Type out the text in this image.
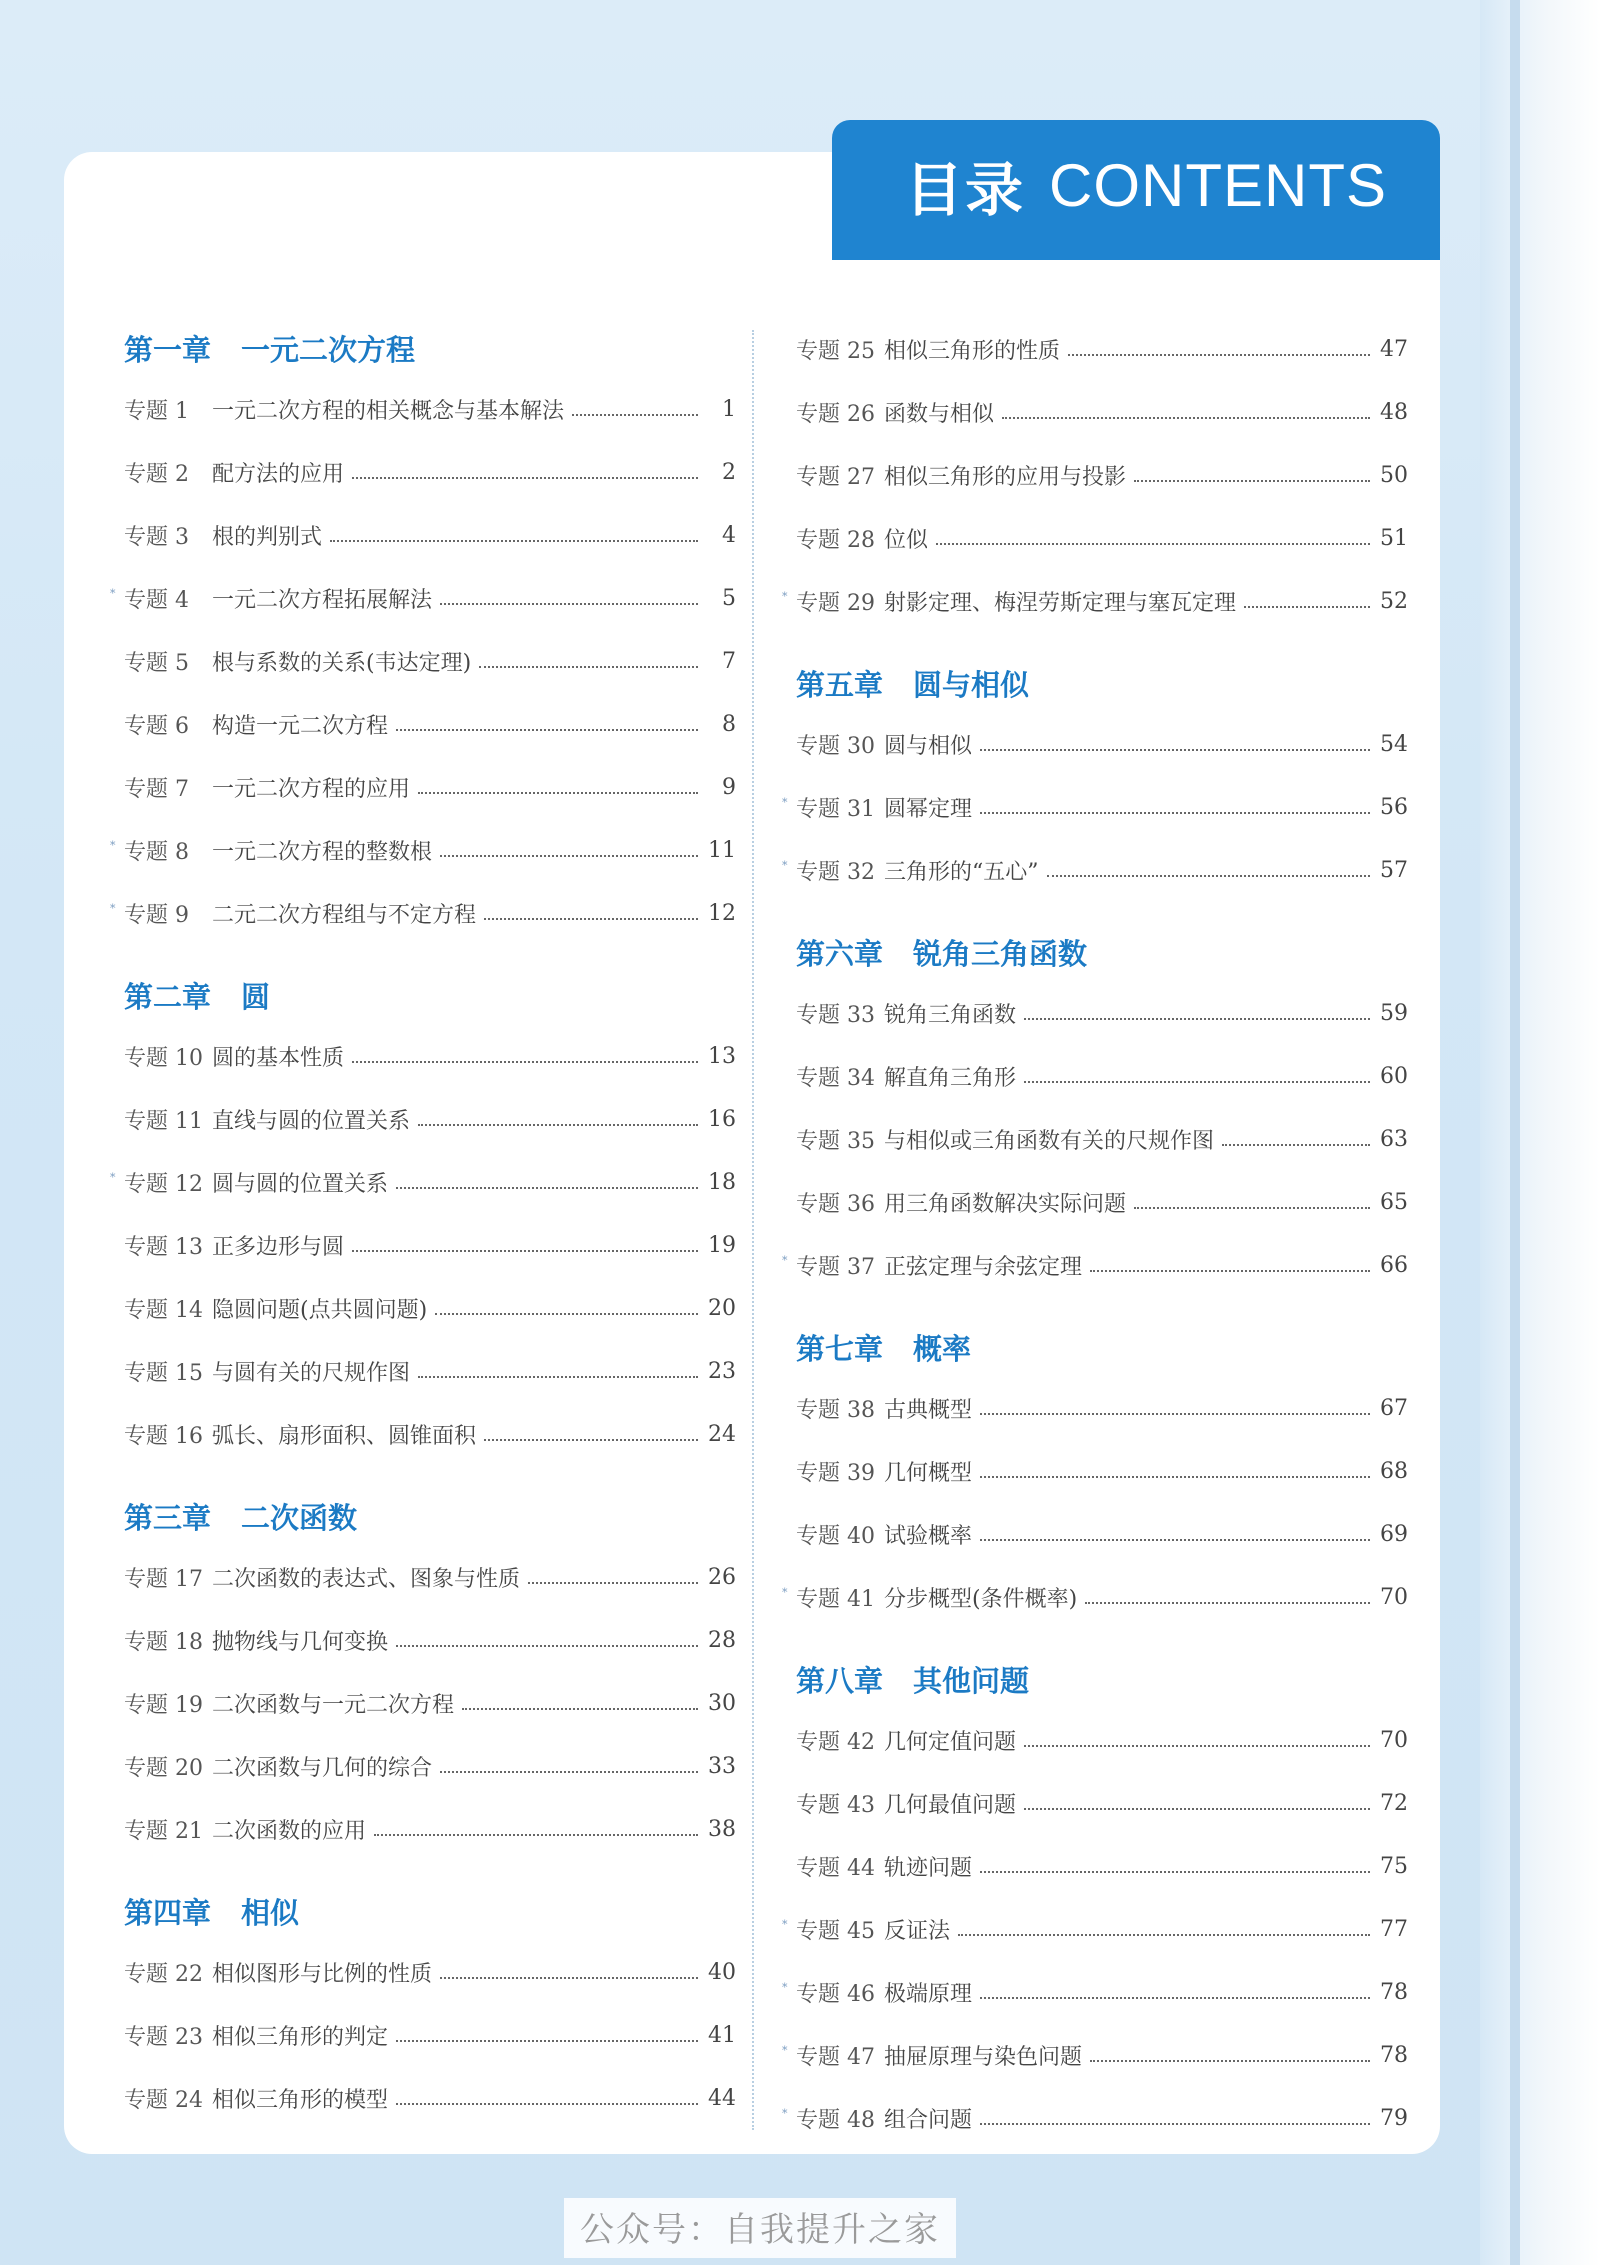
目录 CONTENTS
第一章 一元二次方程
专题 1	一元二次方程的相关概念与基本解法	1
专题 2	配方法的应用	2
专题 3	根的判别式	4
* 专题 4	一元二次方程拓展解法	5
专题 5	根与系数的关系(韦达定理)	7
专题 6	构造一元二次方程	8
专题 7	一元二次方程的应用	9
* 专题 8	一元二次方程的整数根	11
* 专题 9	二元二次方程组与不定方程	12
第二章 圆
专题 10 圆的基本性质	13
专题 11 直线与圆的位置关系	16
* 专题 12 圆与圆的位置关系	18
专题 13 正多边形与圆	19
专题 14 隐圆问题(点共圆问题)	20
专题 15 与圆有关的尺规作图	23
专题 16 弧长、扇形面积、圆锥面积	24
第三章 二次函数
专题 17 二次函数的表达式、图象与性质	26
专题 18 抛物线与几何变换	28
专题 19 二次函数与一元二次方程	30
专题 20 二次函数与几何的综合	33
专题 21 二次函数的应用	38
第四章 相似
专题 22 相似图形与比例的性质	40
专题 23 相似三角形的判定	41
专题 24 相似三角形的模型	44
专题 25 相似三角形的性质	47
专题 26 函数与相似	48
专题 27 相似三角形的应用与投影	50
专题 28 位似	51
* 专题 29 射影定理、梅涅劳斯定理与塞瓦定理	52
第五章 圆与相似
专题 30 圆与相似	54
* 专题 31 圆幂定理	56
* 专题 32 三角形的“五心”	57
第六章 锐角三角函数
专题 33 锐角三角函数	59
专题 34 解直角三角形	60
专题 35 与相似或三角函数有关的尺规作图	63
专题 36 用三角函数解决实际问题	65
* 专题 37 正弦定理与余弦定理	66
第七章 概率
专题 38 古典概型	67
专题 39 几何概型	68
专题 40 试验概率	69
* 专题 41 分步概型(条件概率)	70
第八章 其他问题
专题 42 几何定值问题	70
专题 43 几何最值问题	72
专题 44 轨迹问题	75
* 专题 45 反证法	77
* 专题 46 极端原理	78
* 专题 47 抽屉原理与染色问题	78
* 专题 48 组合问题	79
公众号：自我提升之家
